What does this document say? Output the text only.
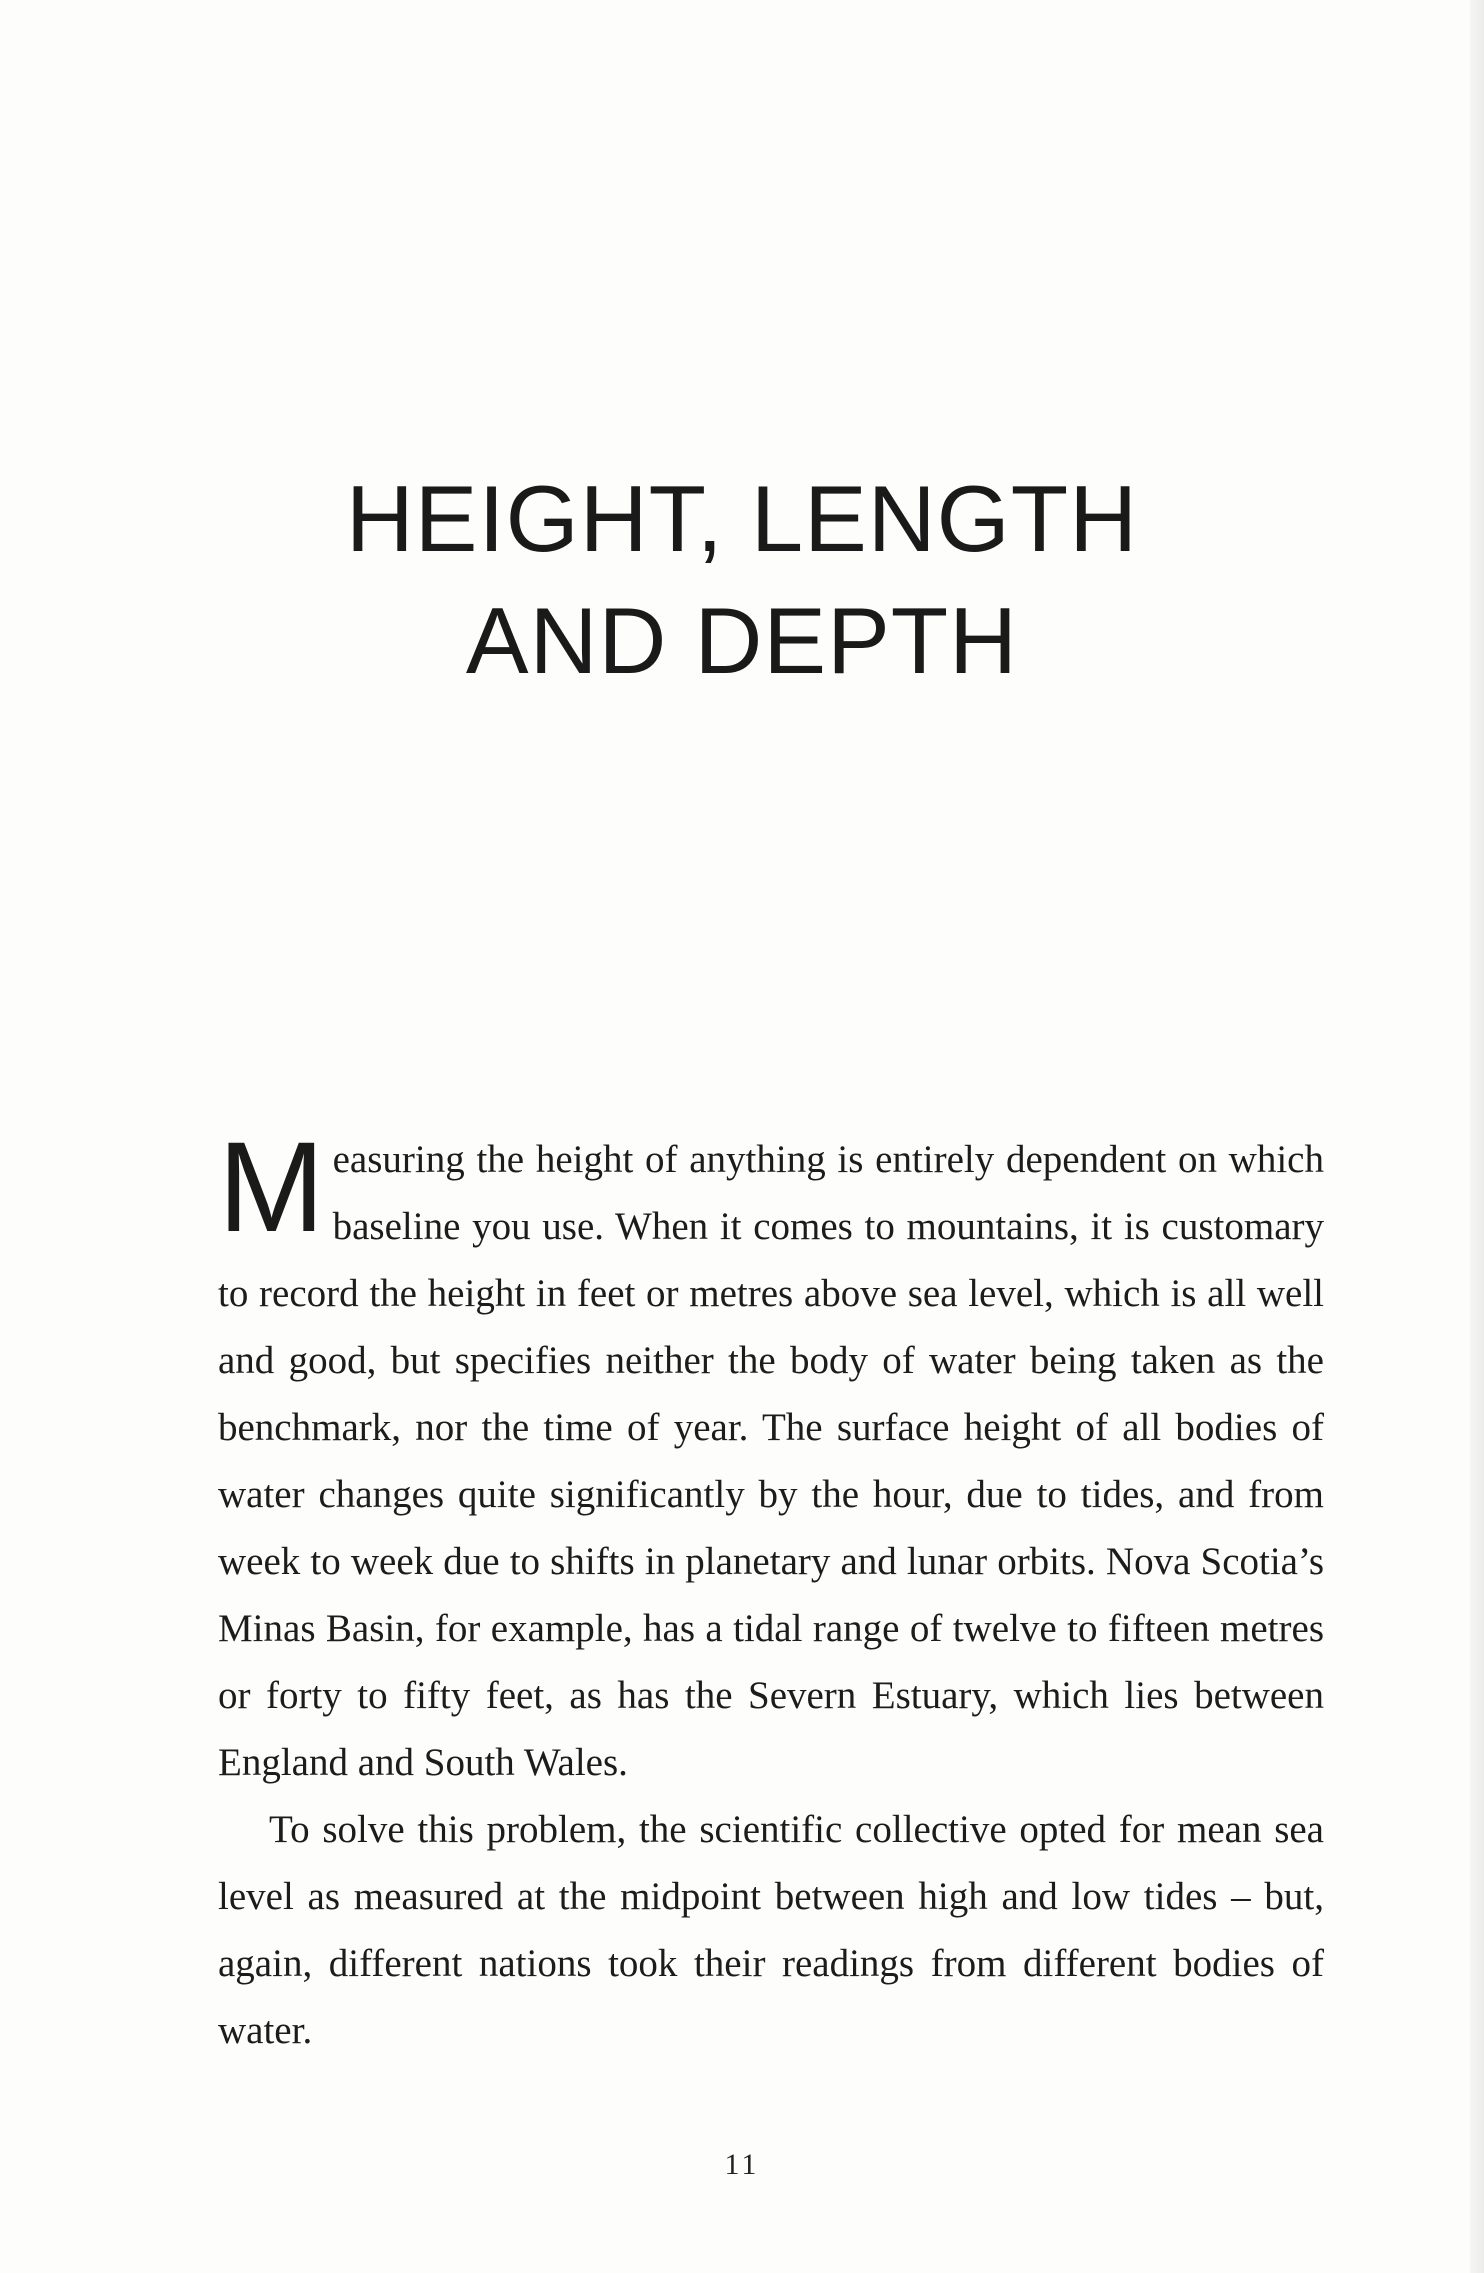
HEIGHT, LENGTH
AND DEPTH

Measuring the height of anything is entirely dependent on which baseline you use. When it comes to mountains, it is customary to record the height in feet or metres above sea level, which is all well and good, but specifies neither the body of water being taken as the benchmark, nor the time of year. The surface height of all bodies of water changes quite significantly by the hour, due to tides, and from week to week due to shifts in planetary and lunar orbits. Nova Scotia’s Minas Basin, for example, has a tidal range of twelve to fifteen metres or forty to fifty feet, as has the Severn Estuary, which lies between England and South Wales.

To solve this problem, the scientific collective opted for mean sea level as measured at the midpoint between high and low tides – but, again, different nations took their readings from different bodies of water.

11
